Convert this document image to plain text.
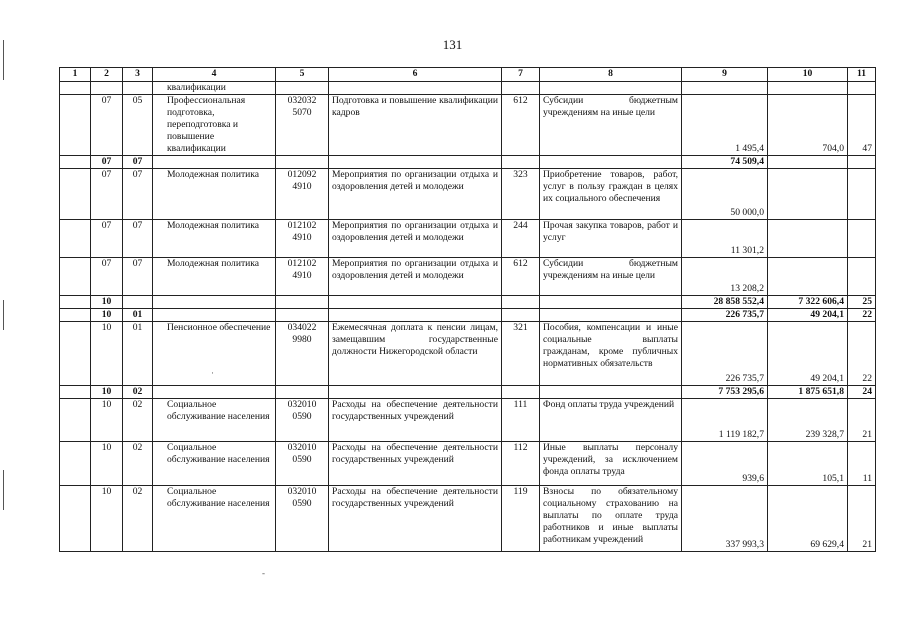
131
1	2	3	4	5	6	7	8	9	10	11
			квалификации							
	07	05	Профессиональная подготовка, переподготовка и повышение квалификации	032032 5070	Подготовка и повышение квалификации кадров	612	Субсидии бюджетным учреждениям на иные цели	1 495,4	704,0	47
	07	07						74 509,4		
	07	07	Молодежная политика	012092 4910	Мероприятия по организации отдыха и оздоровления детей и молодежи	323	Приобретение товаров, работ, услуг в пользу граждан в целях их социального обеспечения	50 000,0		
	07	07	Молодежная политика	012102 4910	Мероприятия по организации отдыха и оздоровления детей и молодежи	244	Прочая закупка товаров, работ и услуг	11 301,2		
	07	07	Молодежная политика	012102 4910	Мероприятия по организации отдыха и оздоровления детей и молодежи	612	Субсидии бюджетным учреждениям на иные цели	13 208,2		
	10							28 858 552,4	7 322 606,4	25
	10	01						226 735,7	49 204,1	22
	10	01	Пенсионное обеспечение	034022 9980	Ежемесячная доплата к пенсии лицам, замещавшим государственные должности Нижегородской области	321	Пособия, компенсации и иные социальные выплаты гражданам, кроме публичных нормативных обязательств	226 735,7	49 204,1	22
	10	02						7 753 295,6	1 875 651,8	24
	10	02	Социальное обслуживание населения	032010 0590	Расходы на обеспечение деятельности государственных учреждений	111	Фонд оплаты труда учреждений	1 119 182,7	239 328,7	21
	10	02	Социальное обслуживание населения	032010 0590	Расходы на обеспечение деятельности государственных учреждений	112	Иные выплаты персоналу учреждений, за исключением фонда оплаты труда	939,6	105,1	11
	10	02	Социальное обслуживание населения	032010 0590	Расходы на обеспечение деятельности государственных учреждений	119	Взносы по обязательному социальному страхованию на выплаты по оплате труда работников и иные выплаты работникам учреждений	337 993,3	69 629,4	21
·
-
